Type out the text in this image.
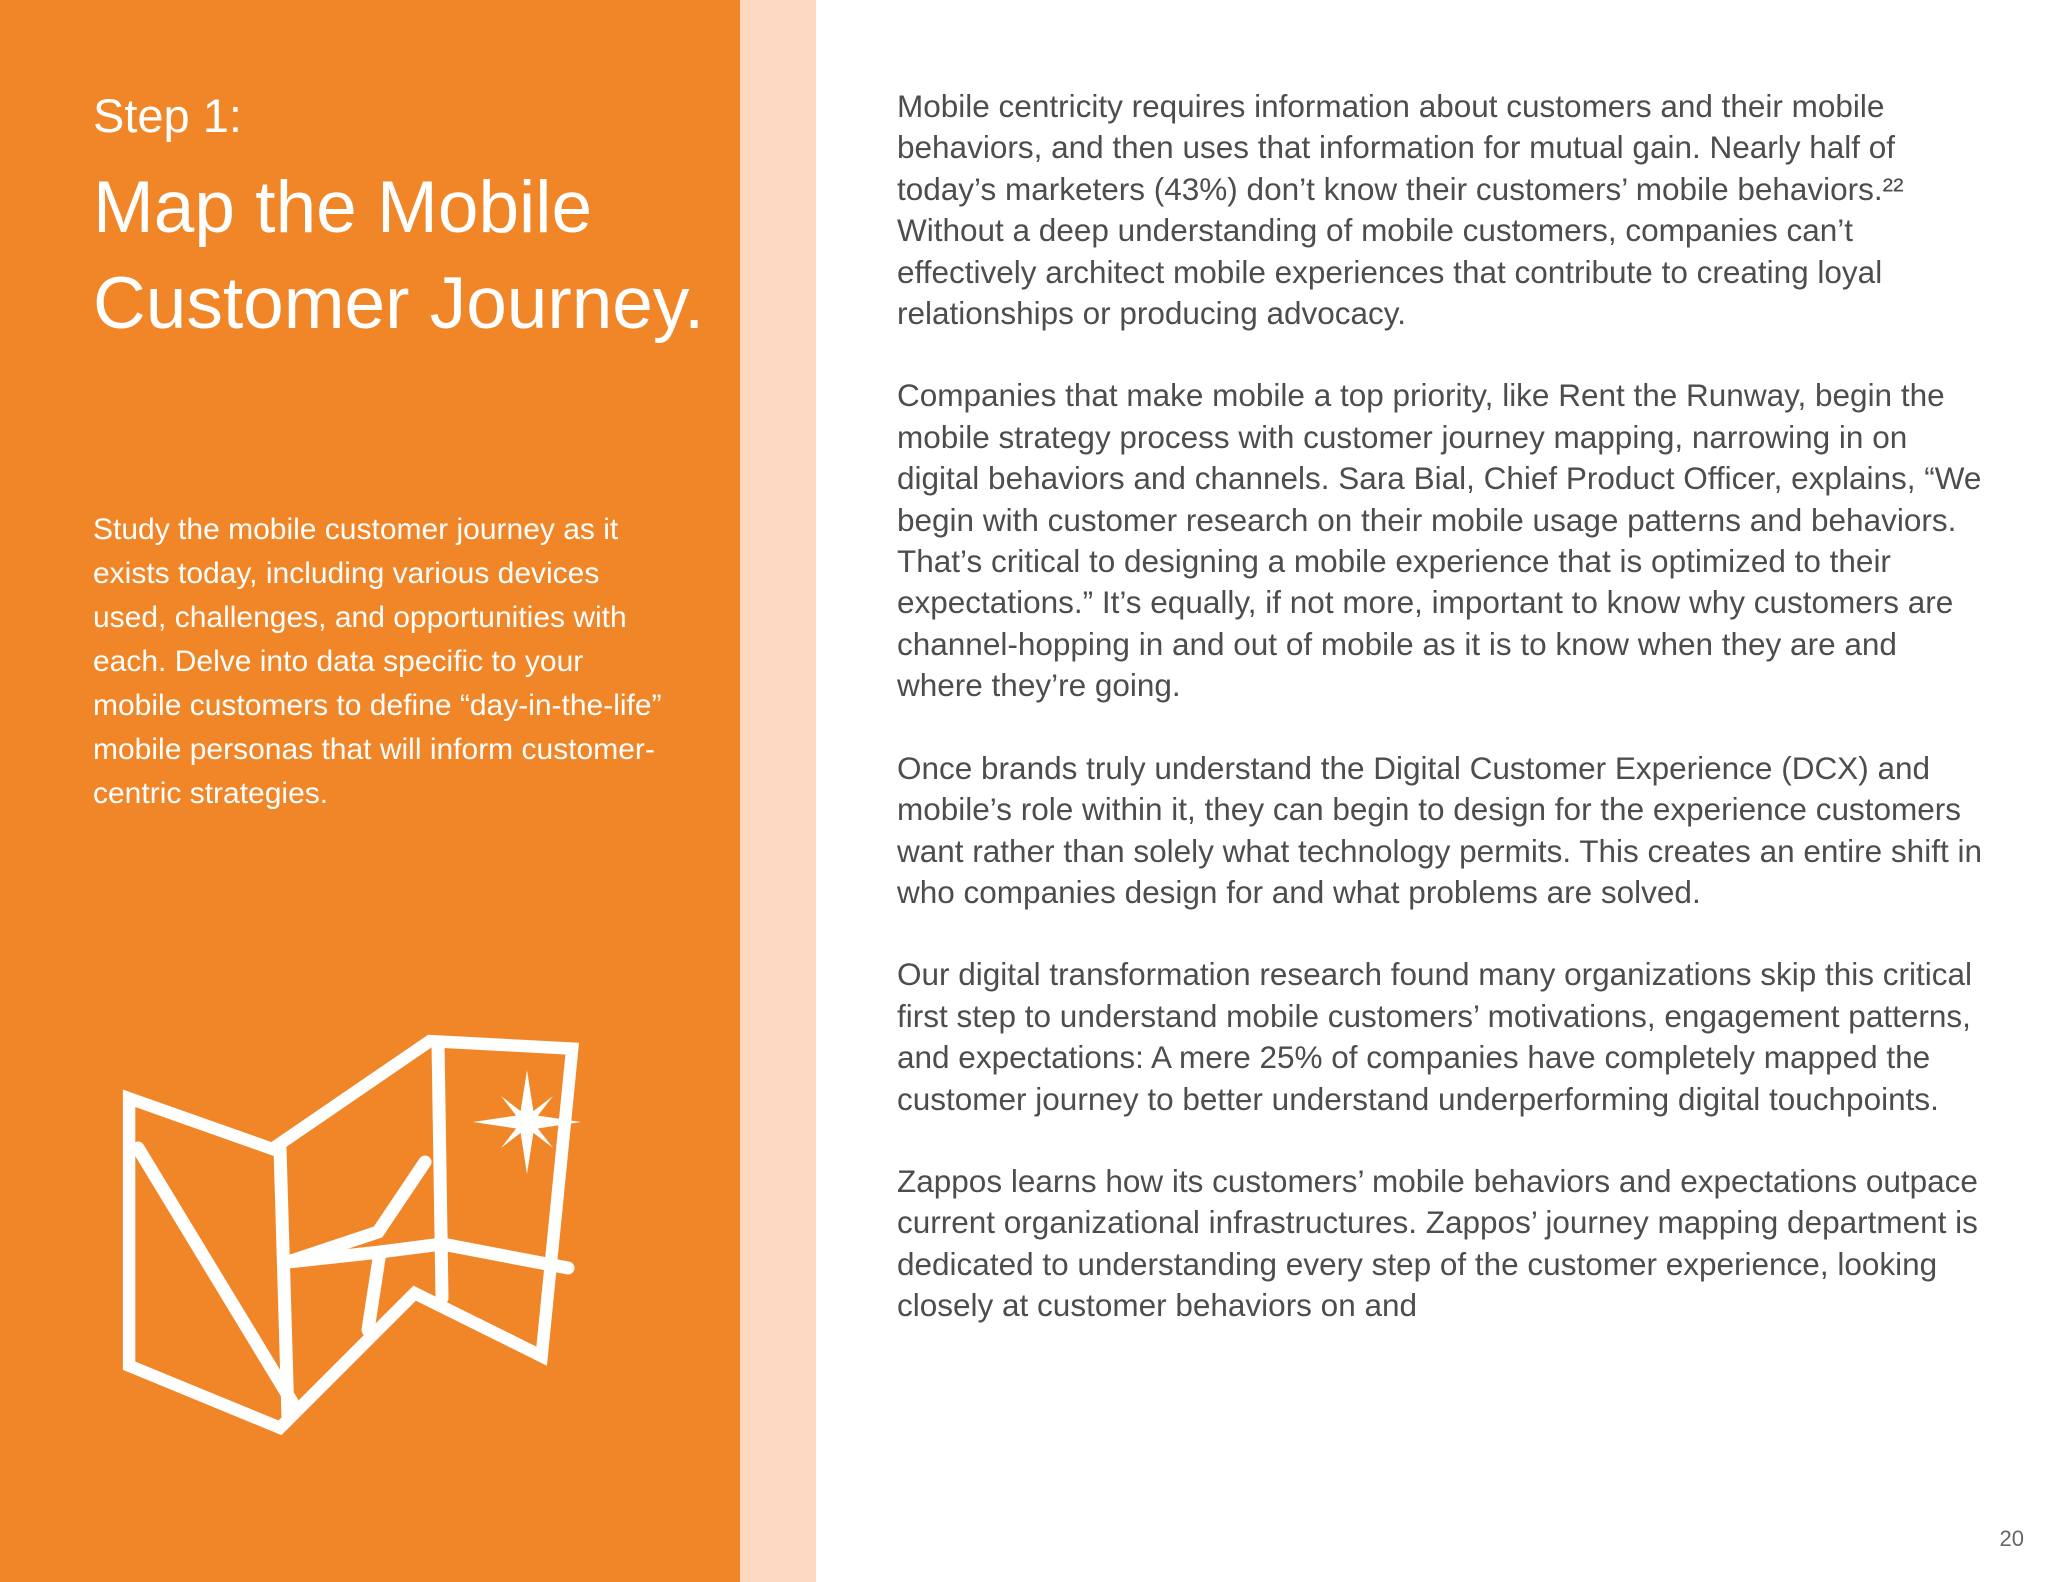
Step 1:
Map the Mobile Customer Journey.

Study the mobile customer journey as it exists today, including various devices used, challenges, and opportunities with each. Delve into data specific to your mobile customers to define “day-in-the-life” mobile personas that will inform customer-centric strategies.

Mobile centricity requires information about customers and their mobile behaviors, and then uses that information for mutual gain. Nearly half of today’s marketers (43%) don’t know their customers’ mobile behaviors.²² Without a deep understanding of mobile customers, companies can’t effectively architect mobile experiences that contribute to creating loyal relationships or producing advocacy.

Companies that make mobile a top priority, like Rent the Runway, begin the mobile strategy process with customer journey mapping, narrowing in on digital behaviors and channels. Sara Bial, Chief Product Officer, explains, “We begin with customer research on their mobile usage patterns and behaviors. That’s critical to designing a mobile experience that is optimized to their expectations.” It’s equally, if not more, important to know why customers are channel-hopping in and out of mobile as it is to know when they are and where they’re going.

Once brands truly understand the Digital Customer Experience (DCX) and mobile’s role within it, they can begin to design for the experience customers want rather than solely what technology permits. This creates an entire shift in who companies design for and what problems are solved.

Our digital transformation research found many organizations skip this critical first step to understand mobile customers’ motivations, engagement patterns, and expectations: A mere 25% of companies have completely mapped the customer journey to better understand underperforming digital touchpoints.

Zappos learns how its customers’ mobile behaviors and expectations outpace current organizational infrastructures. Zappos’ journey mapping department is dedicated to understanding every step of the customer experience, looking closely at customer behaviors on and

20
